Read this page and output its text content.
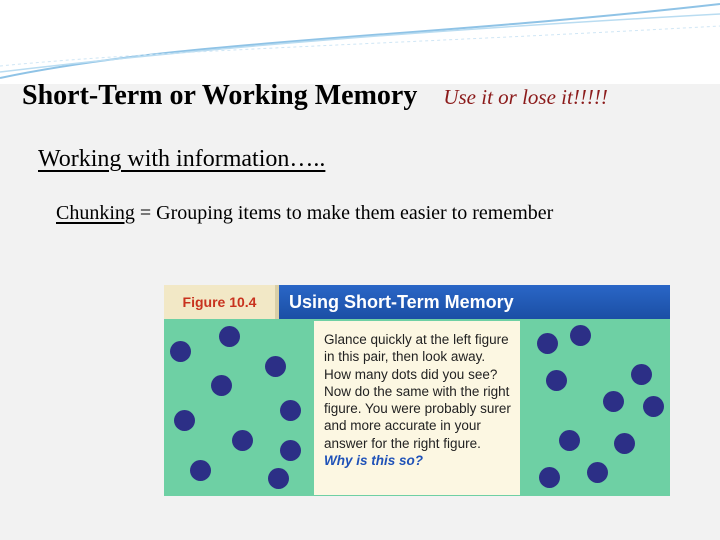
Short-Term or Working Memory Use it or lose it!!!!!
Working with information…..
Chunking = Grouping items to make them easier to remember
Figure 10.4	Using Short-Term Memory
Glance quickly at the left figure in this pair, then look away. How many dots did you see? Now do the same with the right figure. You were probably surer and more accurate in your answer for the right figure. Why is this so?
